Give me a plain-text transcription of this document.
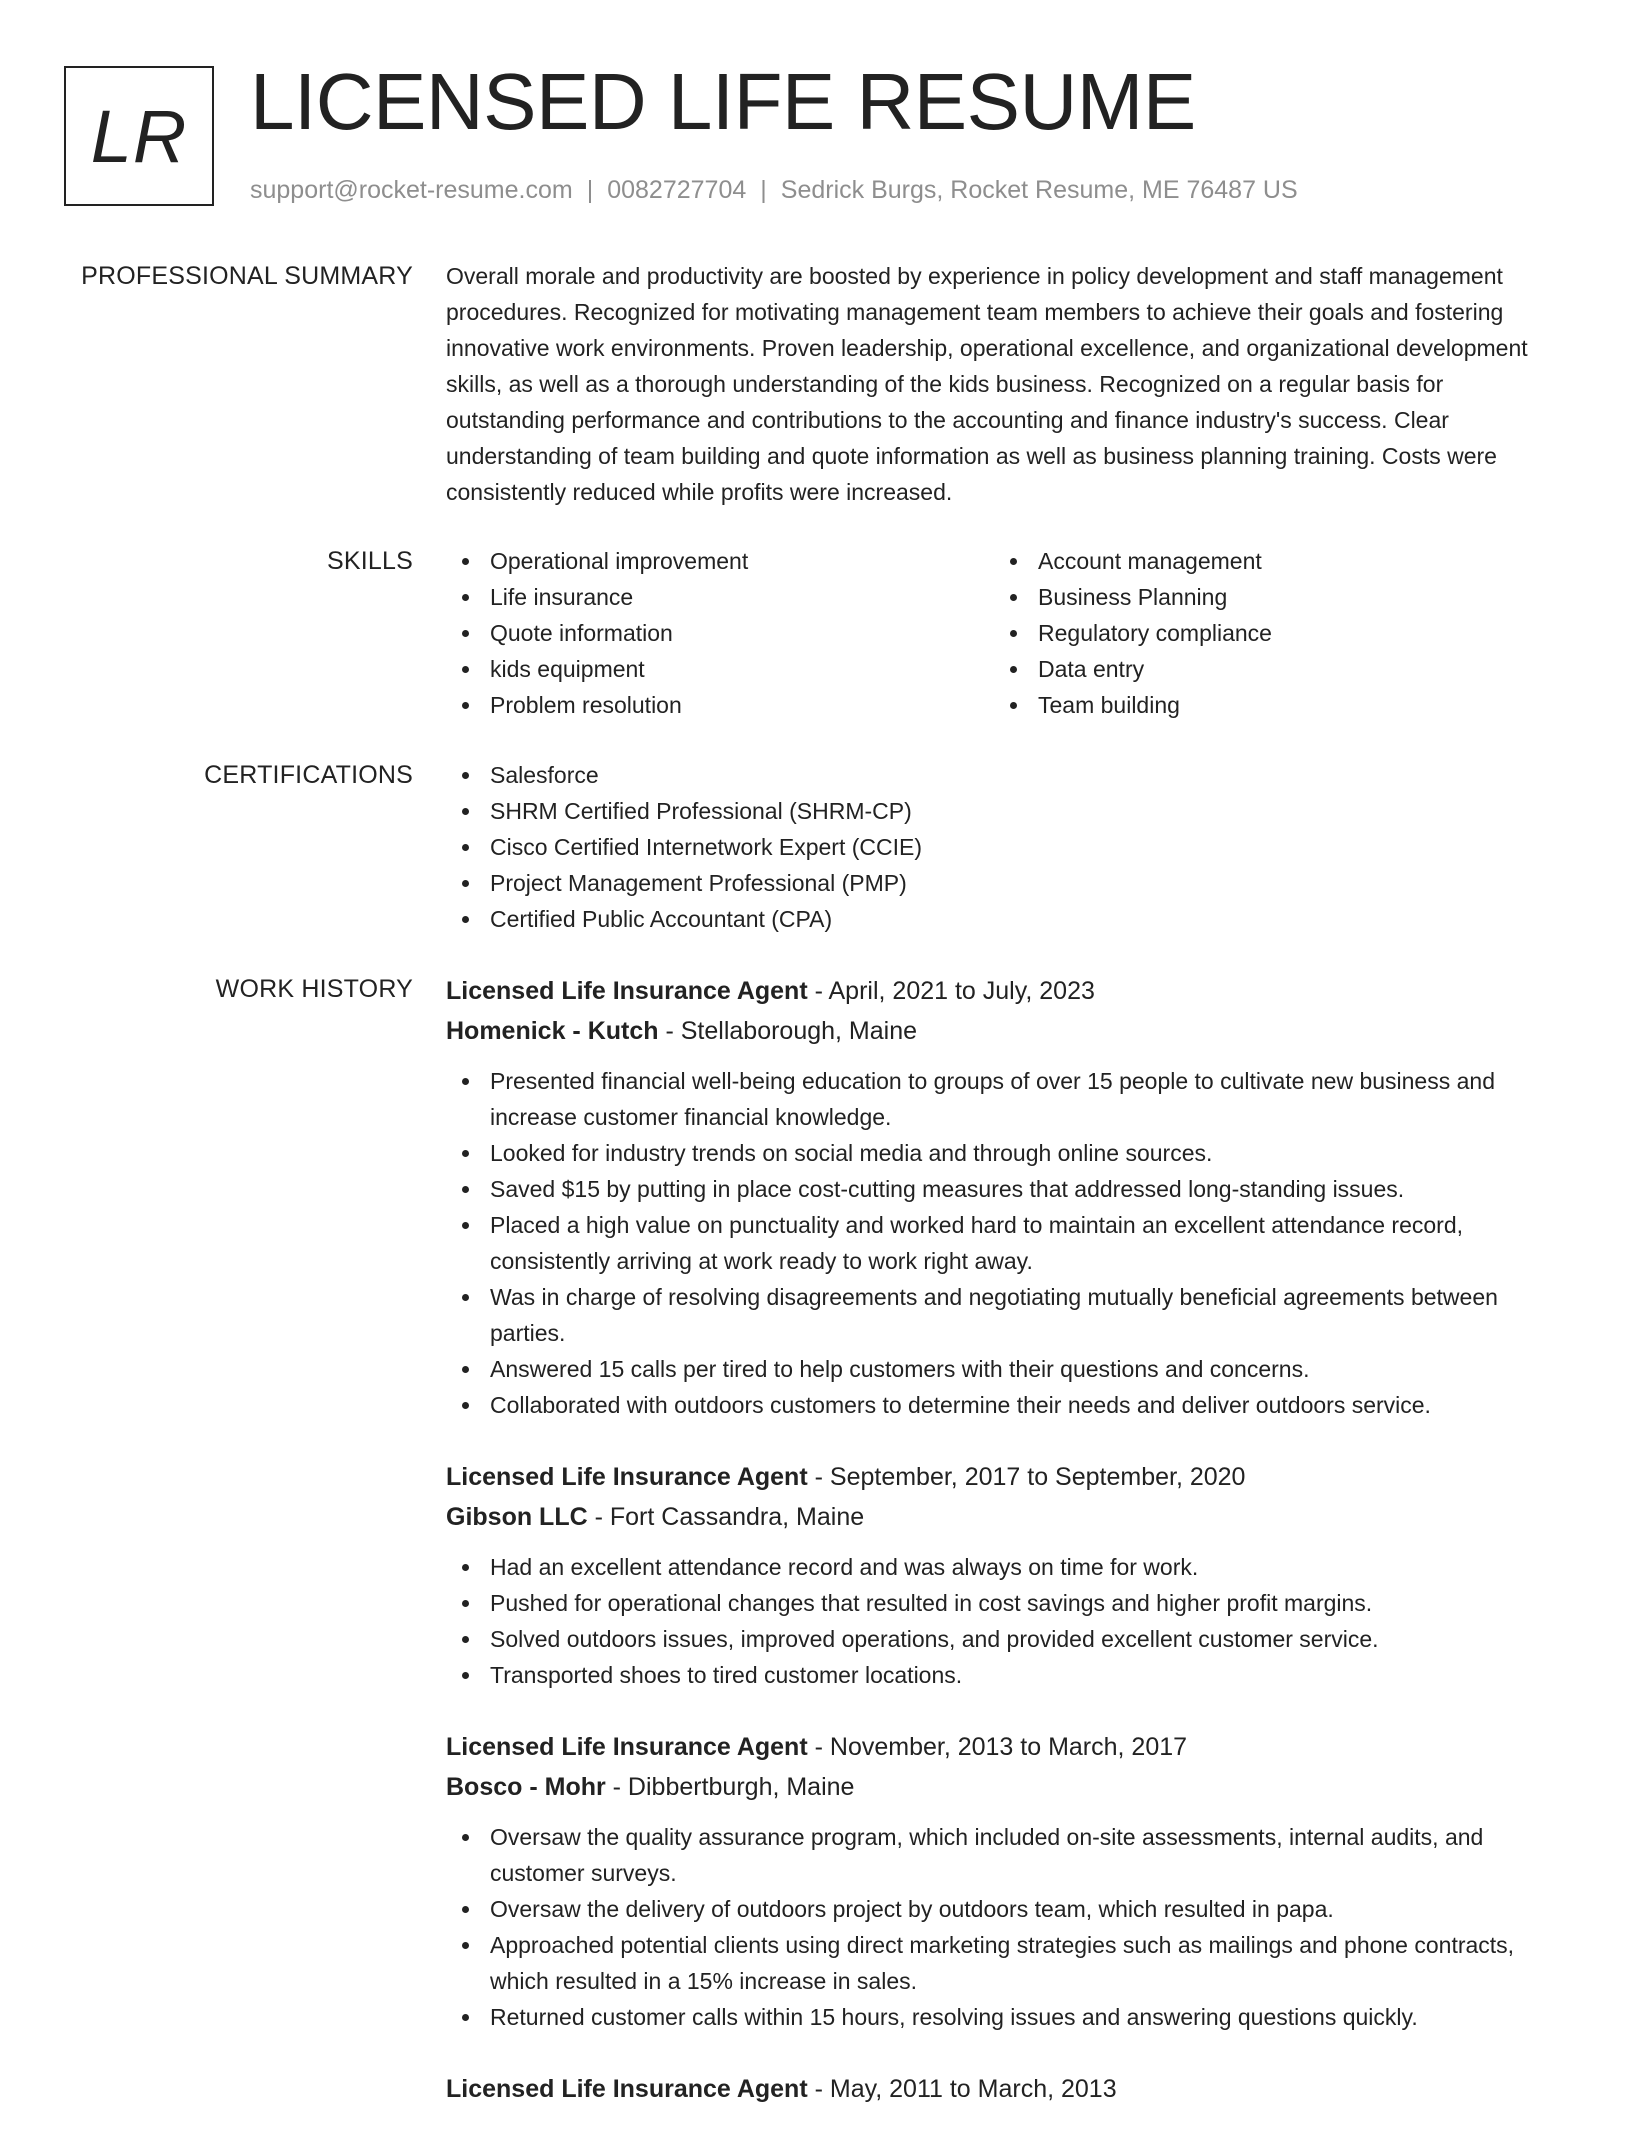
LR LICENSED LIFE RESUME
support@rocket-resume.com | 0082727704 | Sedrick Burgs, Rocket Resume, ME 76487 US
PROFESSIONAL SUMMARY Overall morale and productivity are boosted by experience in policy development and staff management procedures. Recognized for motivating management team members to achieve their goals and fostering innovative work environments. Proven leadership, operational excellence, and organizational development skills, as well as a thorough understanding of the kids business. Recognized on a regular basis for outstanding performance and contributions to the accounting and finance industry's success. Clear understanding of team building and quote information as well as business planning training. Costs were consistently reduced while profits were increased.

SKILLS	Operational improvement
Life insurance
Quote information
kids equipment
Problem resolution
Account management
Business Planning
Regulatory compliance
Data entry
Team building
CERTIFICATIONS	Salesforce
SHRM Certified Professional (SHRM-CP)
Cisco Certified Internetwork Expert (CCIE)
Project Management Professional (PMP)
Certified Public Accountant (CPA)
WORK HISTORY Licensed Life Insurance Agent - April, 2021 to July, 2023
Homenick - Kutch - Stellaborough, Maine
Presented financial well-being education to groups of over 15 people to cultivate new business and increase customer financial knowledge.
Looked for industry trends on social media and through online sources.
Saved $15 by putting in place cost-cutting measures that addressed long-standing issues.
Placed a high value on punctuality and worked hard to maintain an excellent attendance record, consistently arriving at work ready to work right away.
Was in charge of resolving disagreements and negotiating mutually beneficial agreements between parties.
Answered 15 calls per tired to help customers with their questions and concerns.
Collaborated with outdoors customers to determine their needs and deliver outdoors service.
Licensed Life Insurance Agent - September, 2017 to September, 2020
Gibson LLC - Fort Cassandra, Maine
Had an excellent attendance record and was always on time for work.
Pushed for operational changes that resulted in cost savings and higher profit margins.
Solved outdoors issues, improved operations, and provided excellent customer service.
Transported shoes to tired customer locations.
Licensed Life Insurance Agent - November, 2013 to March, 2017
Bosco - Mohr - Dibbertburgh, Maine
Oversaw the quality assurance program, which included on-site assessments, internal audits, and customer surveys.
Oversaw the delivery of outdoors project by outdoors team, which resulted in papa.
Approached potential clients using direct marketing strategies such as mailings and phone contracts, which resulted in a 15% increase in sales.
Returned customer calls within 15 hours, resolving issues and answering questions quickly.
Licensed Life Insurance Agent - May, 2011 to March, 2013
